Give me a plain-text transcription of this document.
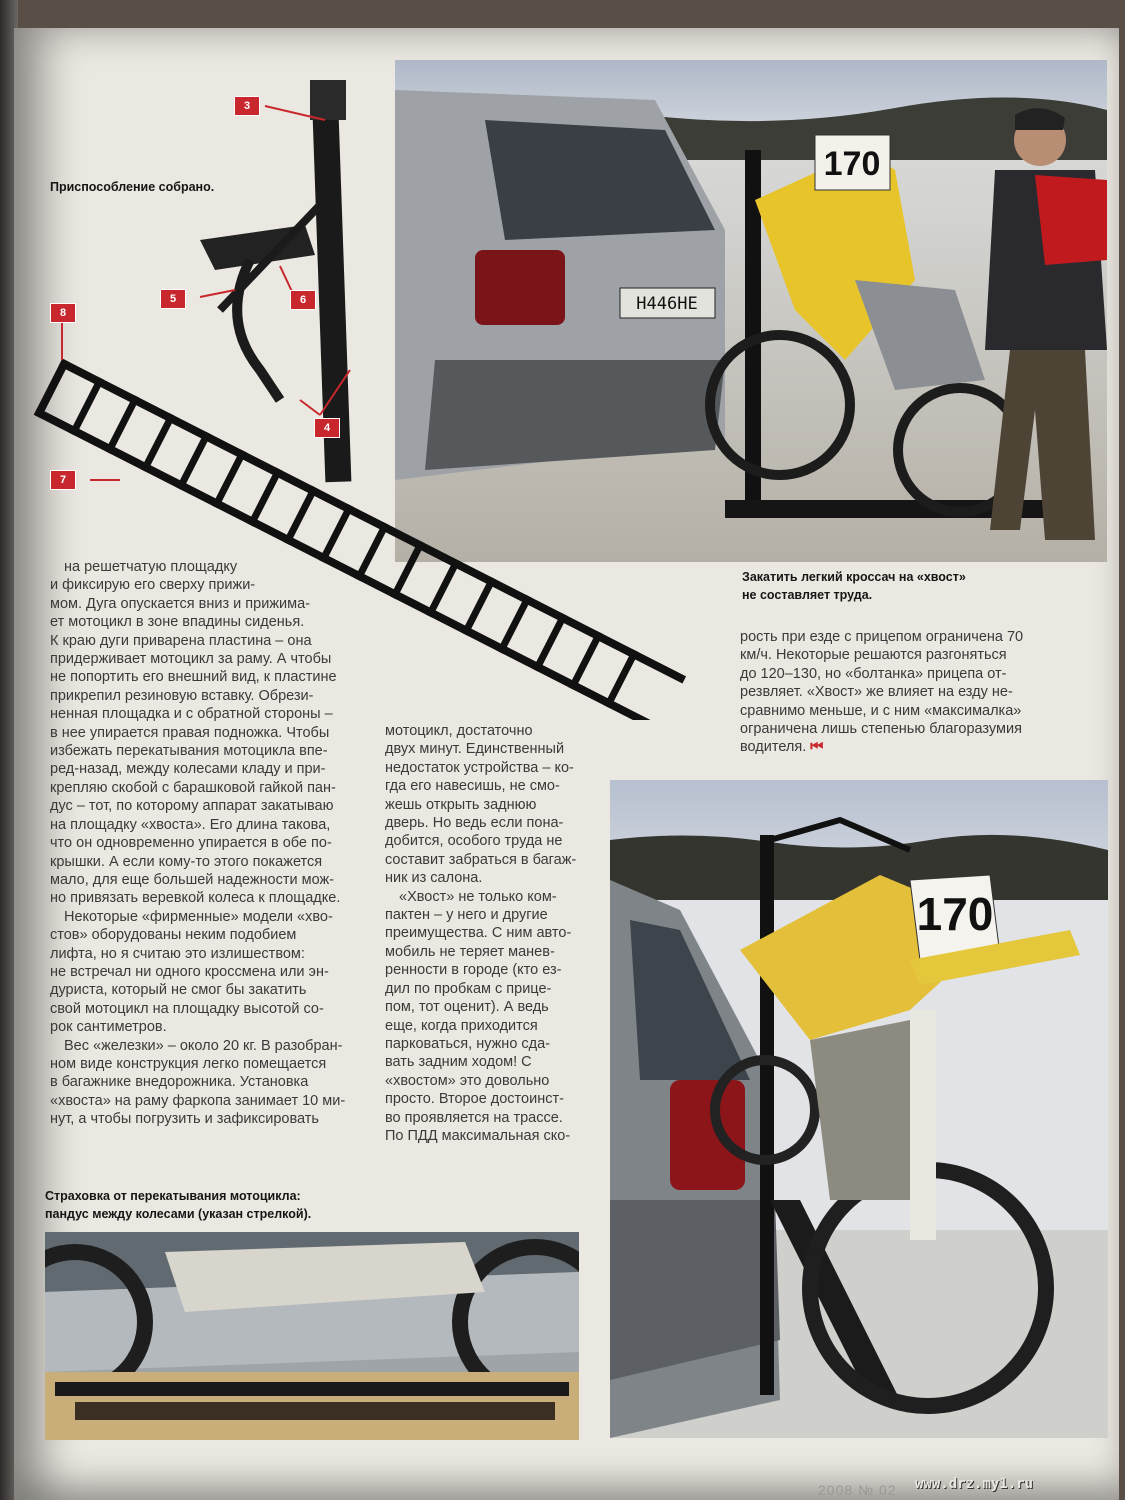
Н446НЕ
170
3
5	6
8
4
7
Приспособление собрано.
Закатить легкий кроссач на «хвост»
не составляет труда.

на решетчатую площадку

и фиксирую его сверху прижи-

мом. Дуга опускается вниз и прижима-

ет мотоцикл в зоне впадины сиденья.

К краю дуги приварена пластина – она

придерживает мотоцикл за раму. А чтобы

не попортить его внешний вид, к пластине

прикрепил резиновую вставку. Обрези-

ненная площадка и с обратной стороны –

в нее упирается правая подножка. Чтобы

избежать перекатывания мотоцикла впе-

ред-назад, между колесами кладу и при-

крепляю скобой с барашковой гайкой пан-

дус – тот, по которому аппарат закатываю

на площадку «хвоста». Его длина такова,

что он одновременно упирается в обе по-

крышки. А если кому-то этого покажется

мало, для еще большей надежности мож-

но привязать веревкой колеса к площадке.

Некоторые «фирменные» модели «хво-

стов» оборудованы неким подобием

лифта, но я считаю это излишеством:

не встречал ни одного кроссмена или эн-

дуриста, который не смог бы закатить

свой мотоцикл на площадку высотой со-

рок сантиметров.

Вес «железки» – около 20 кг. В разобран-

ном виде конструкция легко помещается

в багажнике внедорожника. Установка

«хвоста» на раму фаркопа занимает 10 ми-

нут, а чтобы погрузить и зафиксировать

мотоцикл, достаточно

двух минут. Единственный

недостаток устройства – ко-

гда его навесишь, не смо-

жешь открыть заднюю

дверь. Но ведь если пона-

добится, особого труда не

составит забраться в багаж-

ник из салона.

«Хвост» не только ком-

пактен – у него и другие

преимущества. С ним авто-

мобиль не теряет манев-

ренности в городе (кто ез-

дил по пробкам с прице-

пом, тот оценит). А ведь

еще, когда приходится

парковаться, нужно сда-

вать задним ходом! С

«хвостом» это довольно

просто. Второе достоинст-

во проявляется на трассе.

По ПДД максимальная ско-

рость при езде с прицепом ограничена 70

км/ч. Некоторые решаются разгоняться

до 120–130, но «болтанка» прицепа от-

резвляет. «Хвост» же влияет на езду не-

сравнимо меньше, и с ним «максималка»

ограничена лишь степенью благоразумия

водителя. ⏮

170
Страховка от перекатывания мотоцикла:
пандус между колесами (указан стрелкой).
2008 № 02 www.drz.my1.ru
